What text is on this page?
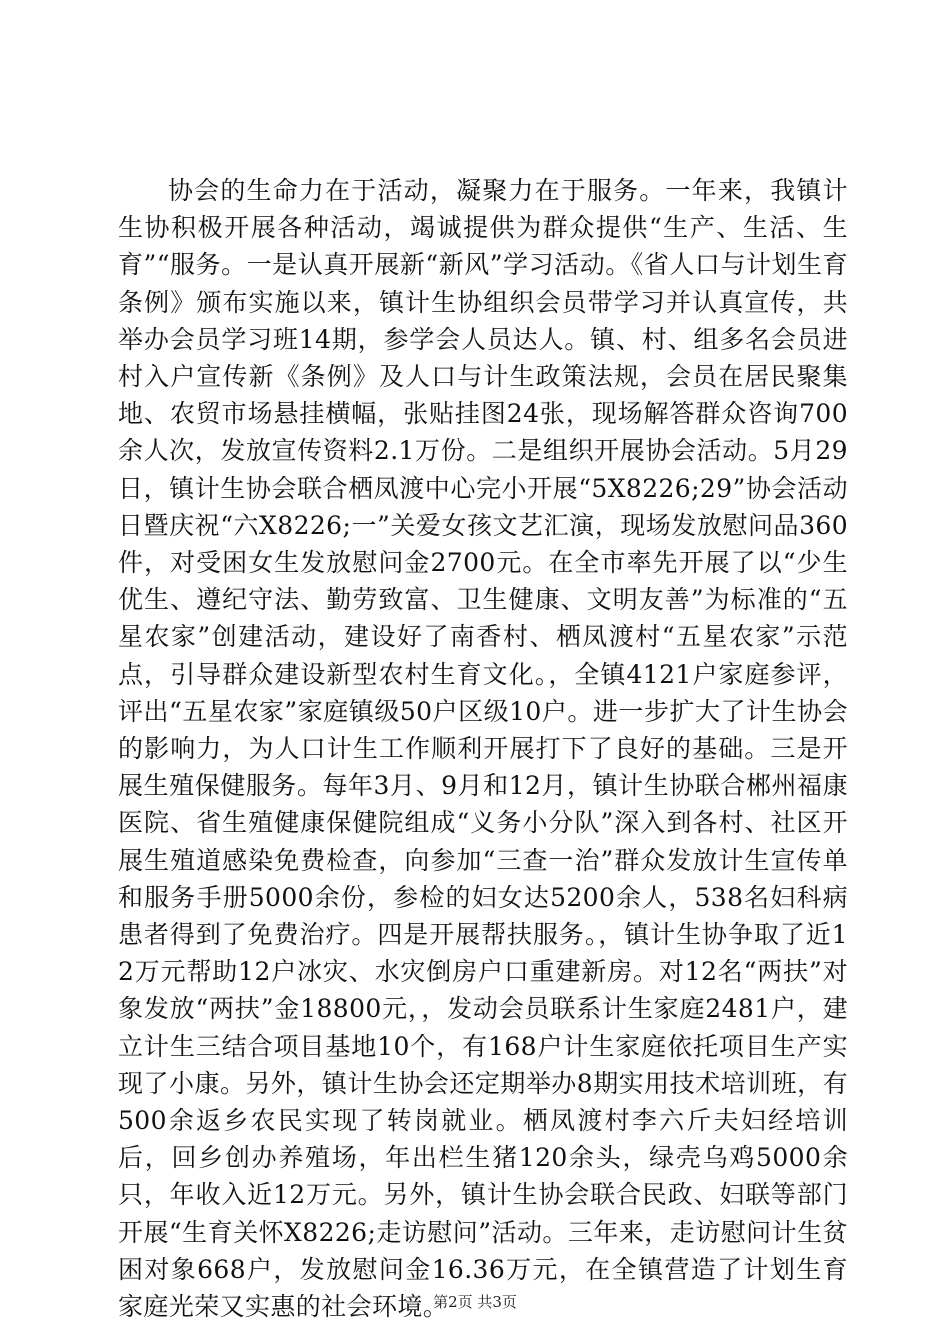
协会的生命力在于活动，凝聚力在于服务。一年来，我镇计生协积极开展各种活动，竭诚提供为群众提供“生产、生活、生育”“服务。一是认真开展新“新风”学习活动。《省人口与计划生育条例》颁布实施以来，镇计生协组织会员带学习并认真宣传，共举办会员学习班14期，参学会人员达人。镇、村、组多名会员进村入户宣传新《条例》及人口与计生政策法规，会员在居民聚集地、农贸市场悬挂横幅，张贴挂图24张，现场解答群众咨询700余人次，发放宣传资料2.1万份。二是组织开展协会活动。5月29日，镇计生协会联合栖凤渡中心完小开展“5X8226;29”协会活动日暨庆祝“六X8226;一”关爱女孩文艺汇演，现场发放慰问品360件，对受困女生发放慰问金2700元。在全市率先开展了以“少生优生、遵纪守法、勤劳致富、卫生健康、文明友善”为标准的“五星农家”创建活动，建设好了南香村、栖凤渡村“五星农家”示范点，引导群众建设新型农村生育文化。，全镇4121户家庭参评，评出“五星农家”家庭镇级50户区级10户。进一步扩大了计生协会的影响力，为人口计生工作顺利开展打下了良好的基础。三是开展生殖保健服务。每年3月、9月和12月，镇计生协联合郴州福康医院、省生殖健康保健院组成“义务小分队”深入到各村、社区开展生殖道感染免费检查，向参加“三查一治”群众发放计生宣传单和服务手册5000余份，参检的妇女达5200余人，538名妇科病患者得到了免费治疗。四是开展帮扶服务。，镇计生协争取了近12万元帮助12户冰灾、水灾倒房户口重建新房。对12名“两扶”对象发放“两扶”金18800元，，发动会员联系计生家庭2481户，建立计生三结合项目基地10个，有168户计生家庭依托项目生产实现了小康。另外，镇计生协会还定期举办8期实用技术培训班，有500余返乡农民实现了转岗就业。栖凤渡村李六斤夫妇经培训后，回乡创办养殖场，年出栏生猪120余头，绿壳乌鸡5000余只，年收入近12万元。另外，镇计生协会联合民政、妇联等部门开展“生育关怀X8226;走访慰问”活动。三年来，走访慰问计生贫困对象668户，发放慰问金16.36万元，在全镇营造了计划生育家庭光荣又实惠的社会环境。

第2页 共3页
